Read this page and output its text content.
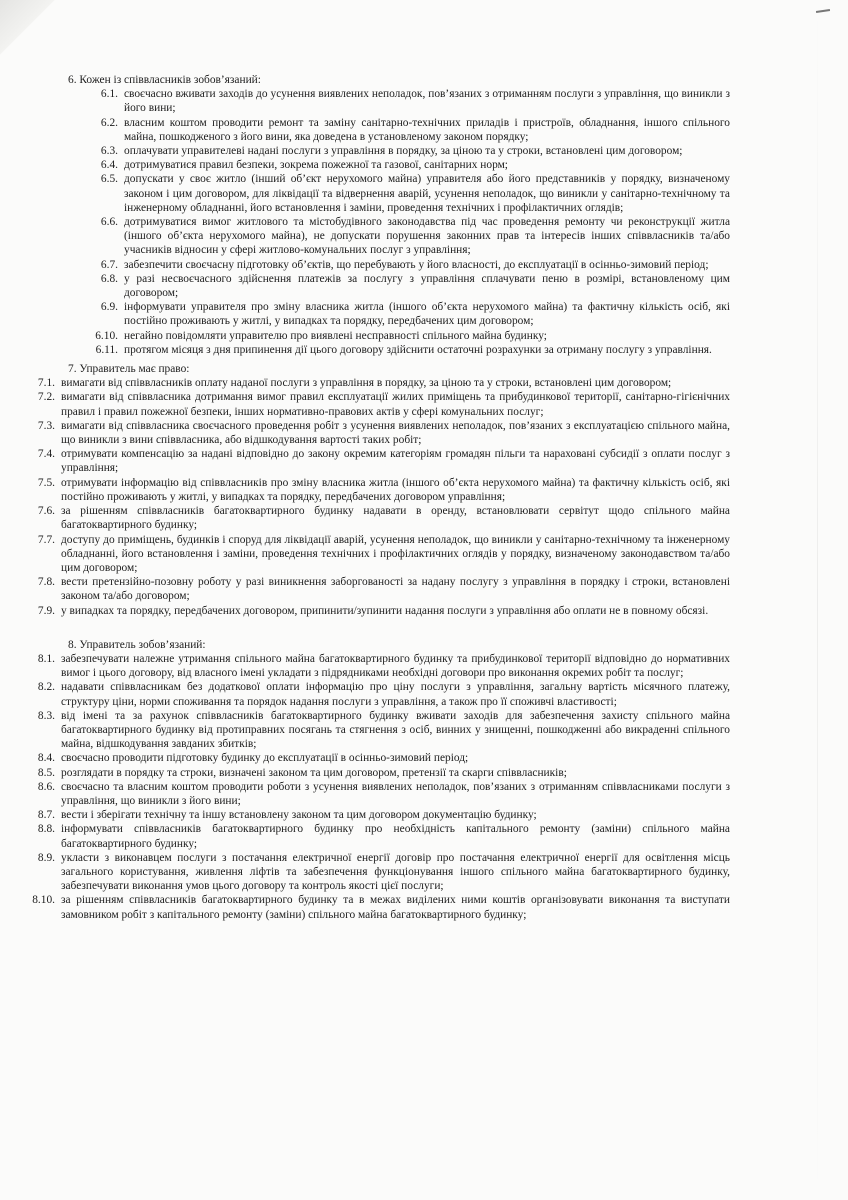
6. Кожен із співвласників зобов’язаний:
6.1. своєчасно вживати заходів до усунення виявлених неполадок, пов’язаних з отриманням послуги з управління, що виникли з його вини;
6.2. власним коштом проводити ремонт та заміну санітарно-технічних приладів і пристроїв, обладнання, іншого спільного майна, пошкодженого з його вини, яка доведена в установленому законом порядку;
6.3. оплачувати управителеві надані послуги з управління в порядку, за ціною та у строки, встановлені цим договором;
6.4. дотримуватися правил безпеки, зокрема пожежної та газової, санітарних норм;
6.5. допускати у своє житло (інший об’єкт нерухомого майна) управителя або його представників у порядку, визначеному законом і цим договором, для ліквідації та відвернення аварій, усунення неполадок, що виникли у санітарно-технічному та інженерному обладнанні, його встановлення і заміни, проведення технічних і профілактичних оглядів;
6.6. дотримуватися вимог житлового та містобудівного законодавства під час проведення ремонту чи реконструкції житла (іншого об’єкта нерухомого майна), не допускати порушення законних прав та інтересів інших співвласників та/або учасників відносин у сфері житлово-комунальних послуг з управління;
6.7. забезпечити своєчасну підготовку об’єктів, що перебувають у його власності, до експлуатації в осінньо-зимовий період;
6.8. у разі несвоєчасного здійснення платежів за послугу з управління сплачувати пеню в розмірі, встановленому цим договором;
6.9. інформувати управителя про зміну власника житла (іншого об’єкта нерухомого майна) та фактичну кількість осіб, які постійно проживають у житлі, у випадках та порядку, передбачених цим договором;
6.10. негайно повідомляти управителю про виявлені несправності спільного майна будинку;
6.11. протягом місяця з дня припинення дії цього договору здійснити остаточні розрахунки за отриману послугу з управління.
7. Управитель має право:
7.1. вимагати від співвласників оплату наданої послуги з управління в порядку, за ціною та у строки, встановлені цим договором;
7.2. вимагати від співвласника дотримання вимог правил експлуатації жилих приміщень та прибудинкової території, санітарно-гігієнічних правил і правил пожежної безпеки, інших нормативно-правових актів у сфері комунальних послуг;
7.3. вимагати від співвласника своєчасного проведення робіт з усунення виявлених неполадок, пов’язаних з експлуатацією спільного майна, що виникли з вини співвласника, або відшкодування вартості таких робіт;
7.4. отримувати компенсацію за надані відповідно до закону окремим категоріям громадян пільги та нараховані субсидії з оплати послуг з управління;
7.5. отримувати інформацію від співвласників про зміну власника житла (іншого об’єкта нерухомого майна) та фактичну кількість осіб, які постійно проживають у житлі, у випадках та порядку, передбачених договором управління;
7.6. за рішенням співвласників багатоквартирного будинку надавати в оренду, встановлювати сервітут щодо спільного майна багатоквартирного будинку;
7.7. доступу до приміщень, будинків і споруд для ліквідації аварій, усунення неполадок, що виникли у санітарно-технічному та інженерному обладнанні, його встановлення і заміни, проведення технічних і профілактичних оглядів у порядку, визначеному законодавством та/або цим договором;
7.8. вести претензійно-позовну роботу у разі виникнення заборгованості за надану послугу з управління в порядку і строки, встановлені законом та/або договором;
7.9. у випадках та порядку, передбачених договором, припинити/зупинити надання послуги з управління або оплати не в повному обсязі.
8. Управитель зобов’язаний:
8.1. забезпечувати належне утримання спільного майна багатоквартирного будинку та прибудинкової території відповідно до нормативних вимог і цього договору, від власного імені укладати з підрядниками необхідні договори про виконання окремих робіт та послуг;
8.2. надавати співвласникам без додаткової оплати інформацію про ціну послуги з управління, загальну вартість місячного платежу, структуру ціни, норми споживання та порядок надання послуги з управління, а також про її споживчі властивості;
8.3. від імені та за рахунок співвласників багатоквартирного будинку вживати заходів для забезпечення захисту спільного майна багатоквартирного будинку від протиправних посягань та стягнення з осіб, винних у знищенні, пошкодженні або викраденні спільного майна, відшкодування завданих збитків;
8.4. своєчасно проводити підготовку будинку до експлуатації в осінньо-зимовий період;
8.5. розглядати в порядку та строки, визначені законом та цим договором, претензії та скарги співвласників;
8.6. своєчасно та власним коштом проводити роботи з усунення виявлених неполадок, пов’язаних з отриманням співвласниками послуги з управління, що виникли з його вини;
8.7. вести і зберігати технічну та іншу встановлену законом та цим договором документацію будинку;
8.8. інформувати співвласників багатоквартирного будинку про необхідність капітального ремонту (заміни) спільного майна багатоквартирного будинку;
8.9. укласти з виконавцем послуги з постачання електричної енергії договір про постачання електричної енергії для освітлення місць загального користування, живлення ліфтів та забезпечення функціонування іншого спільного майна багатоквартирного будинку, забезпечувати виконання умов цього договору та контроль якості цієї послуги;
8.10. за рішенням співвласників багатоквартирного будинку та в межах виділених ними коштів організовувати виконання та виступати замовником робіт з капітального ремонту (заміни) спільного майна багатоквартирного будинку;
